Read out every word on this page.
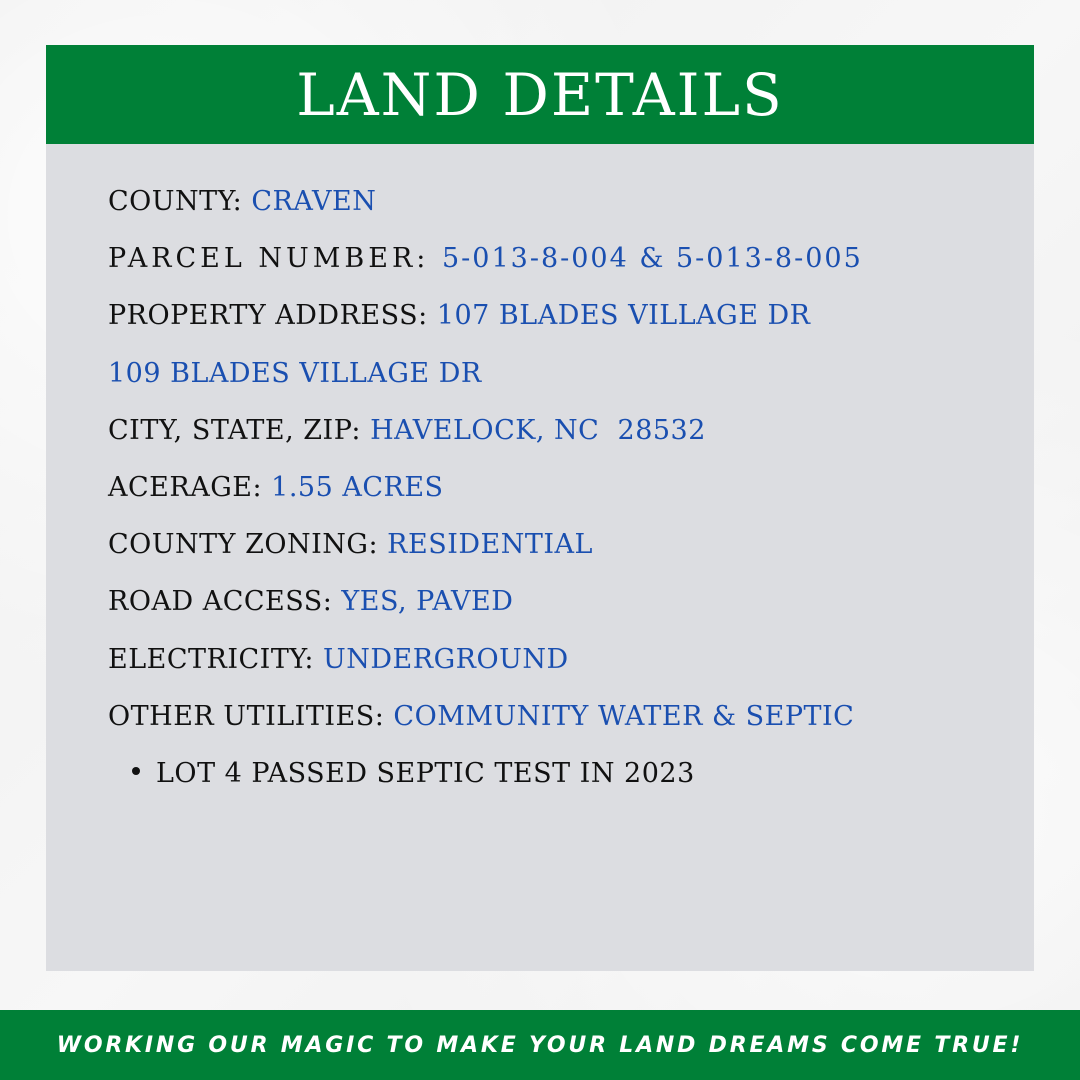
LAND DETAILS
COUNTY: CRAVEN
PARCEL NUMBER: 5-013-8-004 & 5-013-8-005
PROPERTY ADDRESS: 107 BLADES VILLAGE DR
109 BLADES VILLAGE DR
CITY, STATE, ZIP: HAVELOCK, NC  28532
ACERAGE: 1.55 ACRES
COUNTY ZONING: RESIDENTIAL
ROAD ACCESS: YES, PAVED
ELECTRICITY: UNDERGROUND
OTHER UTILITIES: COMMUNITY WATER & SEPTIC
LOT 4 PASSED SEPTIC TEST IN 2023
WORKING OUR MAGIC TO MAKE YOUR LAND DREAMS COME TRUE!
